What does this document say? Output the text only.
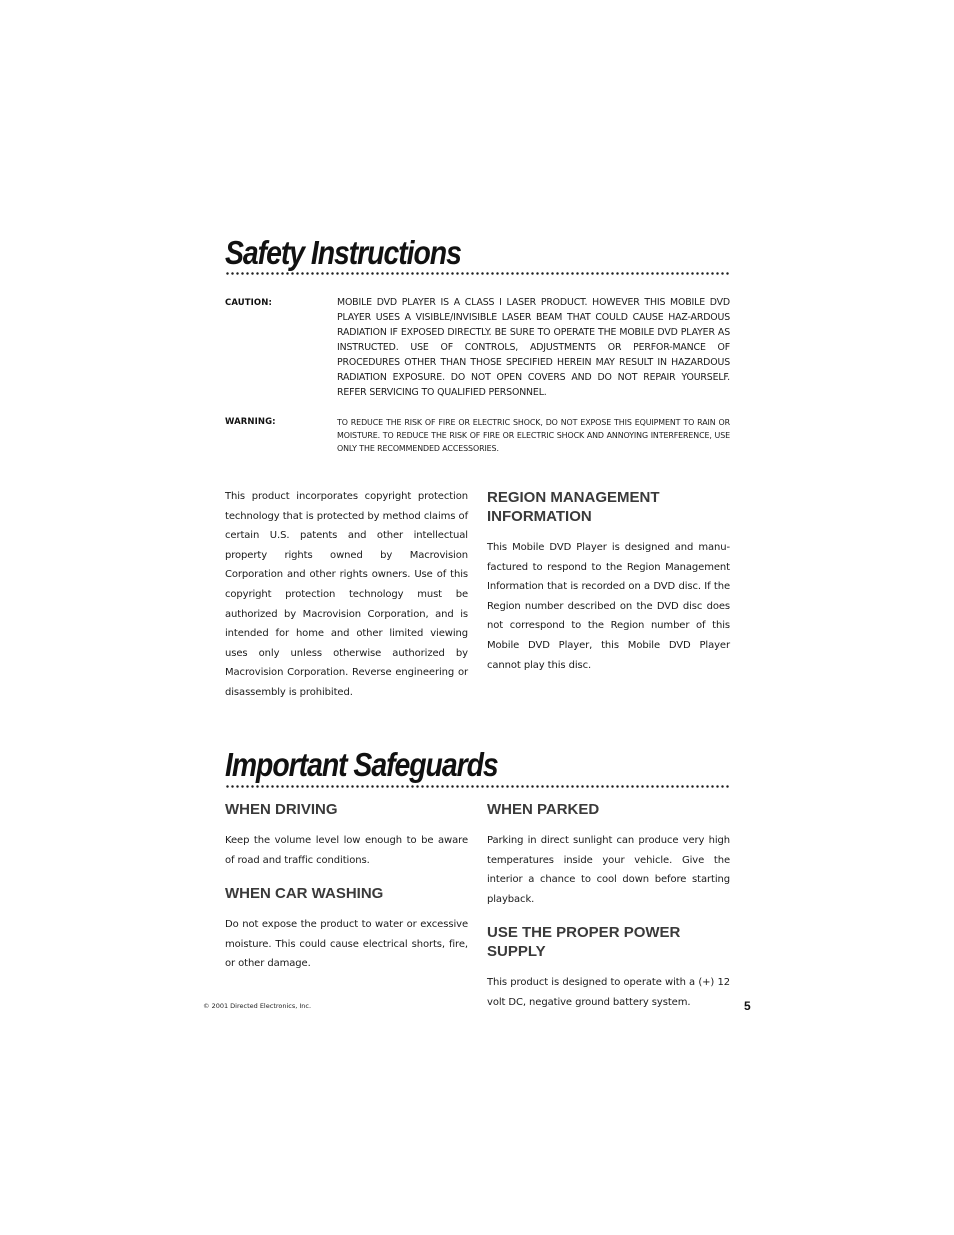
Safety Instructions
CAUTION:	MOBILE DVD PLAYER IS A CLASS I LASER PRODUCT. HOWEVER THIS MOBILE DVD PLAYER USES A VISIBLE/INVISIBLE LASER BEAM THAT COULD CAUSE HAZ-ARDOUS RADIATION IF EXPOSED DIRECTLY. BE SURE TO OPERATE THE MOBILE DVD PLAYER AS INSTRUCTED. USE OF CONTROLS, ADJUSTMENTS OR PERFOR-MANCE OF PROCEDURES OTHER THAN THOSE SPECIFIED HEREIN MAY RESULT IN HAZARDOUS RADIATION EXPOSURE. DO NOT OPEN COVERS AND DO NOT REPAIR YOURSELF. REFER SERVICING TO QUALIFIED PERSONNEL.

WARNING:	TO REDUCE THE RISK OF FIRE OR ELECTRIC SHOCK, DO NOT EXPOSE THIS EQUIPMENT TO RAIN OR MOISTURE. TO REDUCE THE RISK OF FIRE OR ELECTRIC SHOCK AND ANNOYING INTERFERENCE, USE ONLY THE RECOMMENDED ACCESSORIES.

This product incorporates copyright protection technology that is protected by method claims of certain U.S. patents and other intellectual property rights owned by Macrovision Corporation and other rights owners. Use of this copyright protection technology must be authorized by Macrovision Corporation, and is intended for home and other limited viewing uses only unless otherwise authorized by Macrovision Corporation. Reverse engineering or disassembly is prohibited.

REGION MANAGEMENT INFORMATION

This Mobile DVD Player is designed and manu-factured to respond to the Region Management Information that is recorded on a DVD disc. If the Region number described on the DVD disc does not correspond to the Region number of this Mobile DVD Player, this Mobile DVD Player cannot play this disc.

Important Safeguards
WHEN DRIVING

Keep the volume level low enough to be aware of road and traffic conditions.

WHEN CAR WASHING

Do not expose the product to water or excessive moisture. This could cause electrical shorts, fire, or other damage.

WHEN PARKED

Parking in direct sunlight can produce very high temperatures inside your vehicle. Give the interior a chance to cool down before starting playback.

USE THE PROPER POWER SUPPLY

This product is designed to operate with a (+) 12 volt DC, negative ground battery system.

© 2001 Directed Electronics, Inc.	5
